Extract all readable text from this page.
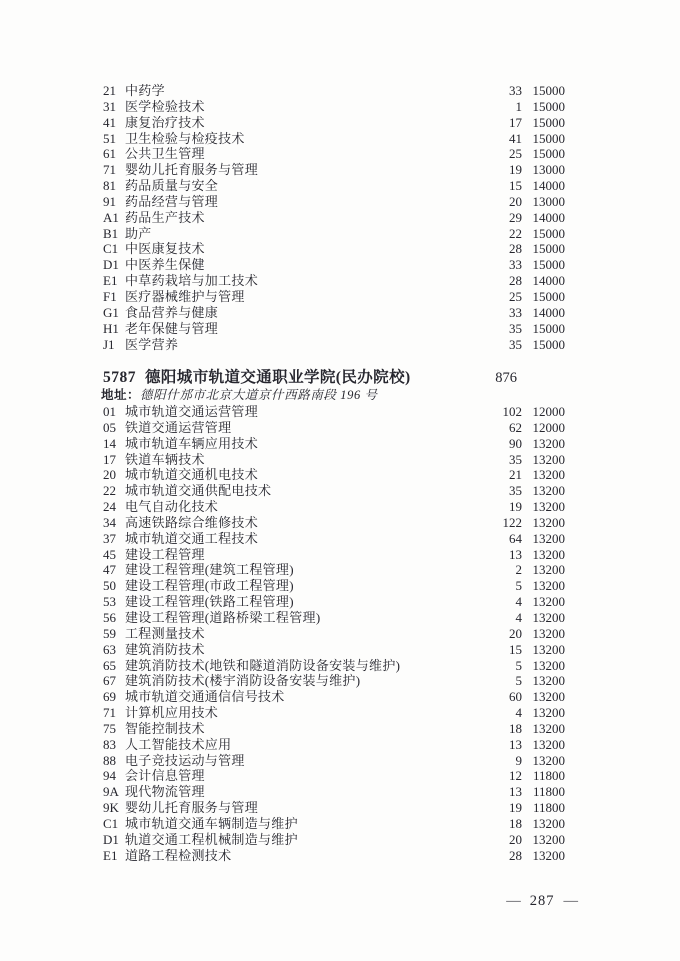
21 中药学	33 15000
31 医学检验技术	1 15000
41 康复治疗技术	17 15000
51 卫生检验与检疫技术	41 15000
61 公共卫生管理	25 15000
71 婴幼儿托育服务与管理	19 13000
81 药品质量与安全	15 14000
91 药品经营与管理	20 13000
A1 药品生产技术	29 14000
B1 助产	22 15000
C1 中医康复技术	28 15000
D1 中医养生保健	33 15000
E1 中草药栽培与加工技术	28 14000
F1 医疗器械维护与管理	25 15000
G1 食品营养与健康	33 14000
H1 老年保健与管理	35 15000
J1 医学营养	35 15000
5787 德阳城市轨道交通职业学院(民办院校)	876
地址：德阳什邡市北京大道京什西路南段 196 号
01 城市轨道交通运营管理	102 12000
05 铁道交通运营管理	62 12000
14 城市轨道车辆应用技术	90 13200
17 铁道车辆技术	35 13200
20 城市轨道交通机电技术	21 13200
22 城市轨道交通供配电技术	35 13200
24 电气自动化技术	19 13200
34 高速铁路综合维修技术	122 13200
37 城市轨道交通工程技术	64 13200
45 建设工程管理	13 13200
47 建设工程管理(建筑工程管理)	2 13200
50 建设工程管理(市政工程管理)	5 13200
53 建设工程管理(铁路工程管理)	4 13200
56 建设工程管理(道路桥梁工程管理)	4 13200
59 工程测量技术	20 13200
63 建筑消防技术	15 13200
65 建筑消防技术(地铁和隧道消防设备安装与维护)	5 13200
67 建筑消防技术(楼宇消防设备安装与维护)	5 13200
69 城市轨道交通通信信号技术	60 13200
71 计算机应用技术	4 13200
75 智能控制技术	18 13200
83 人工智能技术应用	13 13200
88 电子竞技运动与管理	9 13200
94 会计信息管理	12 11800
9A 现代物流管理	13 11800
9K 婴幼儿托育服务与管理	19 11800
C1 城市轨道交通车辆制造与维护	18 13200
D1 轨道交通工程机械制造与维护	20 13200
E1 道路工程检测技术	28 13200
— 287 —
